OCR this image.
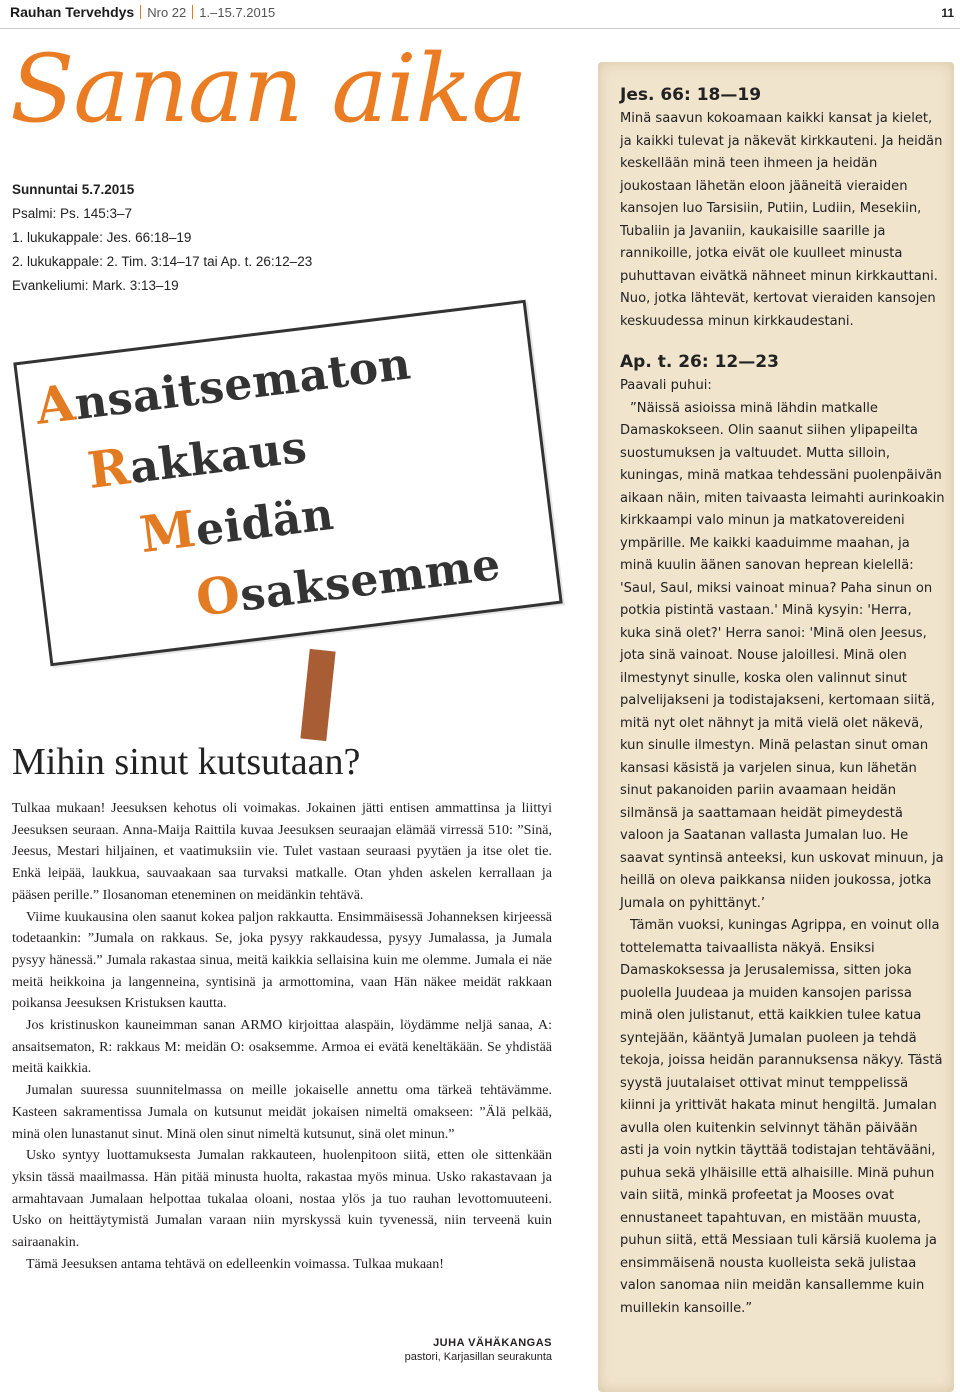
Rauhan Tervehdys Nro 22 1.–15.7.2015	11
Sanan aika
Sunnuntai 5.7.2015
Psalmi: Ps. 145:3–7
1. lukukappale: Jes. 66:18–19
2. lukukappale: 2. Tim. 3:14–17 tai Ap. t. 26:12–23
Evankeliumi: Mark. 3:13–19
Ansaitsematon
Rakkaus
Meidän
Osaksemme
Mihin sinut kutsutaan?

Tulkaa mukaan! Jeesuksen kehotus oli voimakas. Jokainen jätti entisen ammattinsa ja liittyi Jeesuksen seuraan. Anna-Maija Raittila kuvaa Jeesuksen seuraajan elämää virressä 510: ”Sinä, Jeesus, Mestari hiljainen, et vaatimuksiin vie. Tulet vastaan seuraasi pyytäen ja itse olet tie. Enkä leipää, laukkua, sauvaakaan saa turvaksi matkalle. Otan yhden askelen kerrallaan ja pääsen perille.” Ilosanoman eteneminen on meidänkin tehtävä.

Viime kuukausina olen saanut kokea paljon rakkautta. Ensimmäisessä Johanneksen kirjeessä todetaankin: ”Jumala on rakkaus. Se, joka pysyy rakkaudessa, pysyy Jumalassa, ja Jumala pysyy hänessä.” Jumala rakastaa sinua, meitä kaikkia sellaisina kuin me olemme. Jumala ei näe meitä heikkoina ja langenneina, syntisinä ja armottomina, vaan Hän näkee meidät rakkaan poikansa Jeesuksen Kristuksen kautta.

Jos kristinuskon kauneimman sanan ARMO kirjoittaa alaspäin, löydämme neljä sanaa, A: ansaitsematon, R: rakkaus M: meidän O: osaksemme. Armoa ei evätä keneltäkään. Se yhdistää meitä kaikkia.

Jumalan suuressa suunnitelmassa on meille jokaiselle annettu oma tärkeä tehtävämme. Kasteen sakramentissa Jumala on kutsunut meidät jokaisen nimeltä omakseen: ”Älä pelkää, minä olen lunastanut sinut. Minä olen sinut nimeltä kutsunut, sinä olet minun.”

Usko syntyy luottamuksesta Jumalan rakkauteen, huolenpitoon siitä, etten ole sittenkään yksin tässä maailmassa. Hän pitää minusta huolta, rakastaa myös minua. Usko rakastavaan ja armahtavaan Jumalaan helpottaa tukalaa oloani, nostaa ylös ja tuo rauhan levottomuuteeni. Usko on heittäytymistä Jumalan varaan niin myrskyssä kuin tyvenessä, niin terveenä kuin sairaanakin.

Tämä Jeesuksen antama tehtävä on edelleenkin voimassa. Tulkaa mukaan!

JUHA VÄHÄKANGAS
pastori, Karjasillan seurakunta
Jes. 66: 18—19

Minä saavun kokoamaan kaikki kansat ja kielet, ja kaikki tulevat ja näkevät kirkkauteni. Ja heidän keskellään minä teen ihmeen ja heidän joukostaan lähetän eloon jääneitä vieraiden kansojen luo Tarsisiin, Putiin, Ludiin, Mesekiin, Tubaliin ja Javaniin, kaukaisille saarille ja rannikoille, jotka eivät ole kuulleet minusta puhuttavan eivätkä nähneet minun kirkkauttani. Nuo, jotka lähtevät, kertovat vieraiden kansojen keskuudessa minun kirkkaudestani.

Ap. t. 26: 12—23

Paavali puhui:

”Näissä asioissa minä lähdin matkalle Damaskokseen. Olin saanut siihen ylipapeilta suostumuksen ja valtuudet. Mutta silloin, kuningas, minä matkaa tehdessäni puolenpäivän aikaan näin, miten taivaasta leimahti aurinkoakin kirkkaampi valo minun ja matkatovereideni ympärille. Me kaikki kaaduimme maahan, ja minä kuulin äänen sanovan heprean kielellä: 'Saul, Saul, miksi vainoat minua? Paha sinun on potkia pistintä vastaan.' Minä kysyin: 'Herra, kuka sinä olet?' Herra sanoi: 'Minä olen Jeesus, jota sinä vainoat. Nouse jaloillesi. Minä olen ilmestynyt sinulle, koska olen valinnut sinut palvelijakseni ja todistajakseni, kertomaan siitä, mitä nyt olet nähnyt ja mitä vielä olet näkevä, kun sinulle ilmestyn. Minä pelastan sinut oman kansasi käsistä ja varjelen sinua, kun lähetän sinut pakanoiden pariin avaamaan heidän silmänsä ja saattamaan heidät pimeydestä valoon ja Saatanan vallasta Jumalan luo. He saavat syntinsä anteeksi, kun uskovat minuun, ja heillä on oleva paikkansa niiden joukossa, jotka Jumala on pyhittänyt.’

Tämän vuoksi, kuningas Agrippa, en voinut olla tottelematta taivaallista näkyä. Ensiksi Damaskoksessa ja Jerusalemissa, sitten joka puolella Juudeaa ja muiden kansojen parissa minä olen julistanut, että kaikkien tulee katua syntejään, kääntyä Jumalan puoleen ja tehdä tekoja, joissa heidän parannuksensa näkyy. Tästä syystä juutalaiset ottivat minut temppelissä kiinni ja yrittivät hakata minut hengiltä. Jumalan avulla olen kuitenkin selvinnyt tähän päivään asti ja voin nytkin täyttää todistajan tehtävääni, puhua sekä ylhäisille että alhaisille. Minä puhun vain siitä, minkä profeetat ja Mooses ovat ennustaneet tapahtuvan, en mistään muusta, puhun siitä, että Messiaan tuli kärsiä kuolema ja ensimmäisenä nousta kuolleista sekä julistaa valon sanomaa niin meidän kansallemme kuin muillekin kansoille.”
